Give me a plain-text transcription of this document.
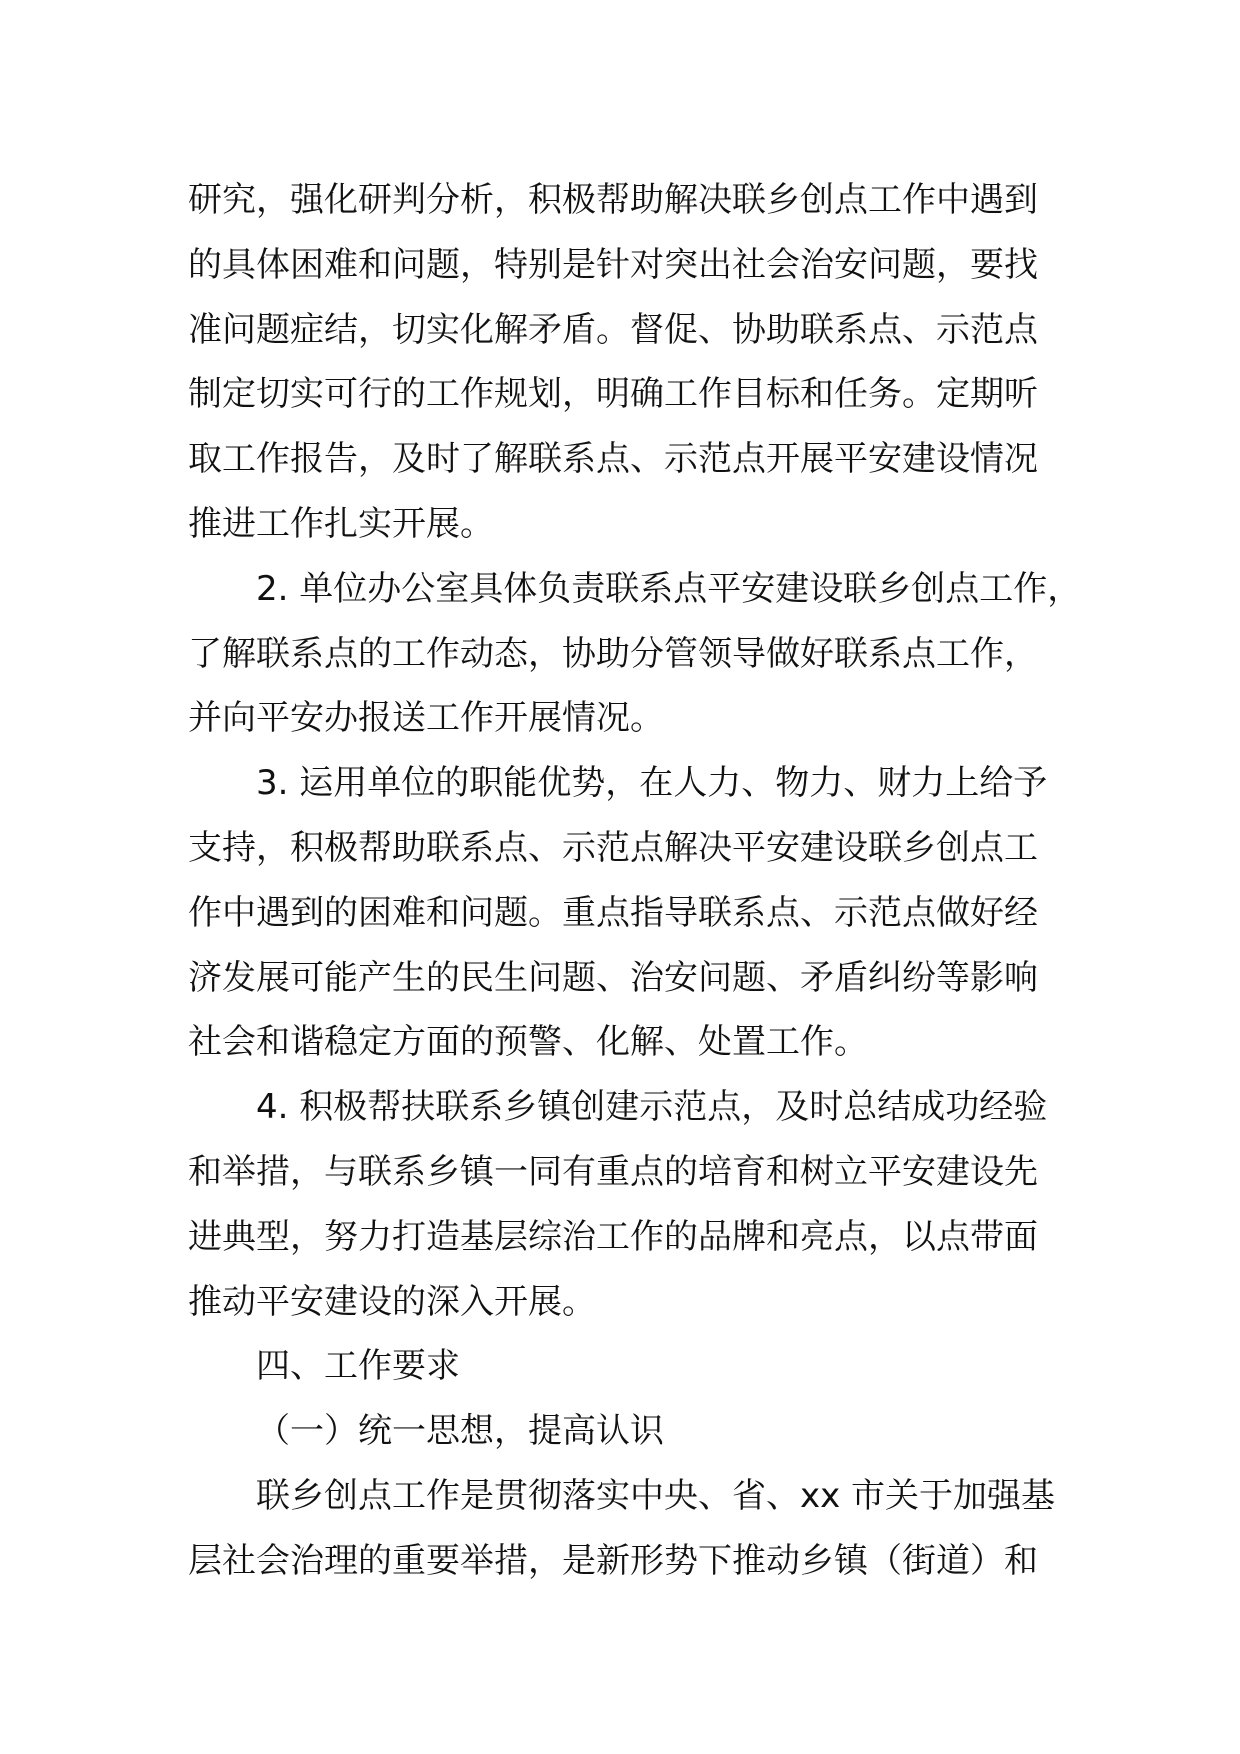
研究，强化研判分析，积极帮助解决联乡创点工作中遇到
的具体困难和问题，特别是针对突出社会治安问题，要找
准问题症结，切实化解矛盾。督促、协助联系点、示范点
制定切实可行的工作规划，明确工作目标和任务。定期听
取工作报告，及时了解联系点、示范点开展平安建设情况
推进工作扎实开展。
2. 单位办公室具体负责联系点平安建设联乡创点工作，
了解联系点的工作动态，协助分管领导做好联系点工作，
并向平安办报送工作开展情况。
3. 运用单位的职能优势，在人力、物力、财力上给予
支持，积极帮助联系点、示范点解决平安建设联乡创点工
作中遇到的困难和问题。重点指导联系点、示范点做好经
济发展可能产生的民生问题、治安问题、矛盾纠纷等影响
社会和谐稳定方面的预警、化解、处置工作。
4. 积极帮扶联系乡镇创建示范点，及时总结成功经验
和举措，与联系乡镇一同有重点的培育和树立平安建设先
进典型，努力打造基层综治工作的品牌和亮点，以点带面
推动平安建设的深入开展。
四、工作要求
（一）统一思想，提高认识
联乡创点工作是贯彻落实中央、省、xx 市关于加强基
层社会治理的重要举措，是新形势下推动乡镇（街道）和
